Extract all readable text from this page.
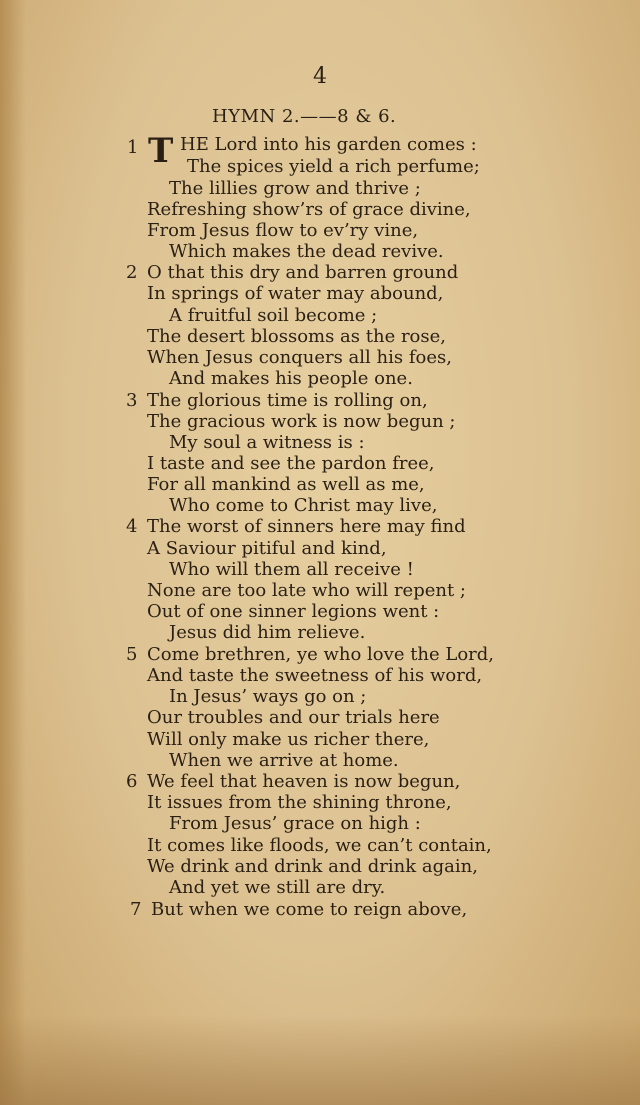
4
HYMN 2.——8 & 6.
T
1 HE Lord into his garden comes :
The spices yield a rich perfume;
The lillies grow and thrive ;
Refreshing show’rs of grace divine,
From Jesus flow to ev’ry vine,
Which makes the dead revive.
2 O that this dry and barren ground
In springs of water may abound,
A fruitful soil become ;
The desert blossoms as the rose,
When Jesus conquers all his foes,
And makes his people one.
3 The glorious time is rolling on,
The gracious work is now begun ;
My soul a witness is :
I taste and see the pardon free,
For all mankind as well as me,
Who come to Christ may live,
4 The worst of sinners here may find
A Saviour pitiful and kind,
Who will them all receive !
None are too late who will repent ;
Out of one sinner legions went :
Jesus did him relieve.
5 Come brethren, ye who love the Lord,
And taste the sweetness of his word,
In Jesus’ ways go on ;
Our troubles and our trials here
Will only make us richer there,
When we arrive at home.
6 We feel that heaven is now begun,
It issues from the shining throne,
From Jesus’ grace on high :
It comes like floods, we can’t contain,
We drink and drink and drink again,
And yet we still are dry.
7 But when we come to reign above,
